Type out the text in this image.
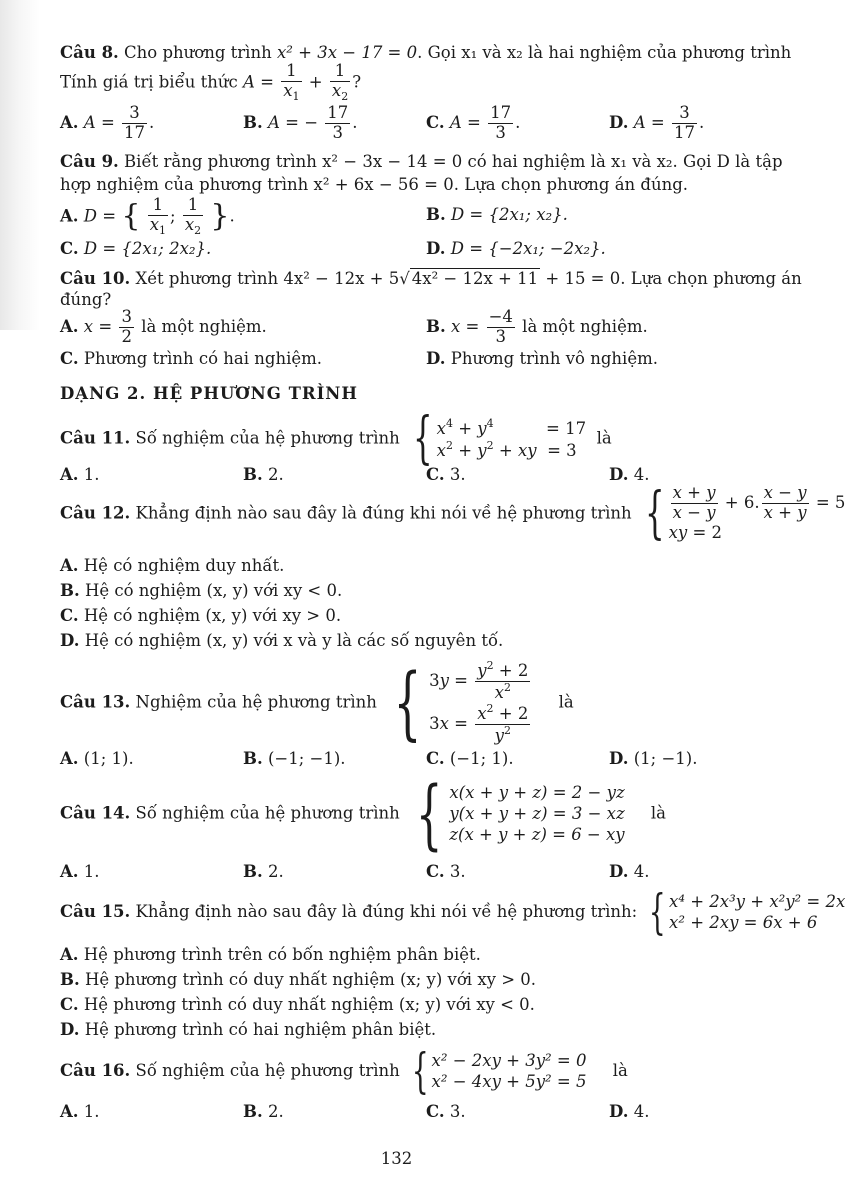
Câu 8. Cho phương trình x² + 3x − 17 = 0. Gọi x₁ và x₂ là hai nghiệm của phương trình
Tính giá trị biểu thức $A = \frac{1}{x_1} + \frac{1}{x_2}$ ?
A. $A = \frac{3}{17}$ .	B. A = − $\frac{17}{3}$ .	C. $A = \frac{17}{3}$ .	D. $A = \frac{3}{17}$ .
Câu 9. Biết rằng phương trình x² − 3x − 14 = 0 có hai nghiệm là x₁ và x₂. Gọi D là tập
hợp nghiệm của phương trình x² + 6x − 56 = 0. Lựa chọn phương án đúng.
A. D = { $\frac{1}{x_1}$ ; $\frac{1}{x_2}$ }.	B. D = {2x₁; x₂}.
C. D = {2x₁; 2x₂}.	D. D = {−2x₁; −2x₂}.
Câu 10. Xét phương trình 4x² − 12x + 5√ 4x² − 12x + 11 + 15 = 0. Lựa chọn phương án
đúng?
A. $x = \frac{3}{2}$ là một nghiệm.	B. $x = \frac{-4}{3}$ là một nghiệm.
C. Phương trình có hai nghiệm.	D. Phương trình vô nghiệm.
DẠNG 2. HỆ PHƯƠNG TRÌNH
Câu 11. Số nghiệm của hệ phương trình { $x^4 + y^4$          = 17
$x^2 + y^2$ + xy  = 3
là
A. 1.	B. 2.	C. 3.	D. 4.
Câu 12. Khẳng định nào sau đây là đúng khi nói về hệ phương trình { $\frac{x + y}{x - y} + 6$. $\frac{x - y}{x + y} = 5$
xy = 2
A. Hệ có nghiệm duy nhất.
B. Hệ có nghiệm (x, y) với xy < 0.
C. Hệ có nghiệm (x, y) với xy > 0.
D. Hệ có nghiệm (x, y) với x và y là các số nguyên tố.
Câu 13. Nghiệm của hệ phương trình { $3y = \frac{y^2 + 2}{x^2}$
$3x = \frac{x^2 + 2}{y^2}$
là
A. (1; 1).	B. (−1; −1).	C. (−1; 1).	D. (1; −1).
Câu 14. Số nghiệm của hệ phương trình { x(x + y + z) = 2 − yz
y(x + y + z) = 3 − xz
z(x + y + z) = 6 − xy
là
A. 1.	B. 2.	C. 3.	D. 4.
Câu 15. Khẳng định nào sau đây là đúng khi nói về hệ phương trình: { x⁴ + 2x³y + x²y² = 2x
x² + 2xy = 6x + 6
A. Hệ phương trình trên có bốn nghiệm phân biệt.
B. Hệ phương trình có duy nhất nghiệm (x; y) với xy > 0.
C. Hệ phương trình có duy nhất nghiệm (x; y) với xy < 0.
D. Hệ phương trình có hai nghiệm phân biệt.
Câu 16. Số nghiệm của hệ phương trình { x² − 2xy + 3y² = 0
x² − 4xy + 5y² = 5
là
A. 1.	B. 2.	C. 3.	D. 4.
132
